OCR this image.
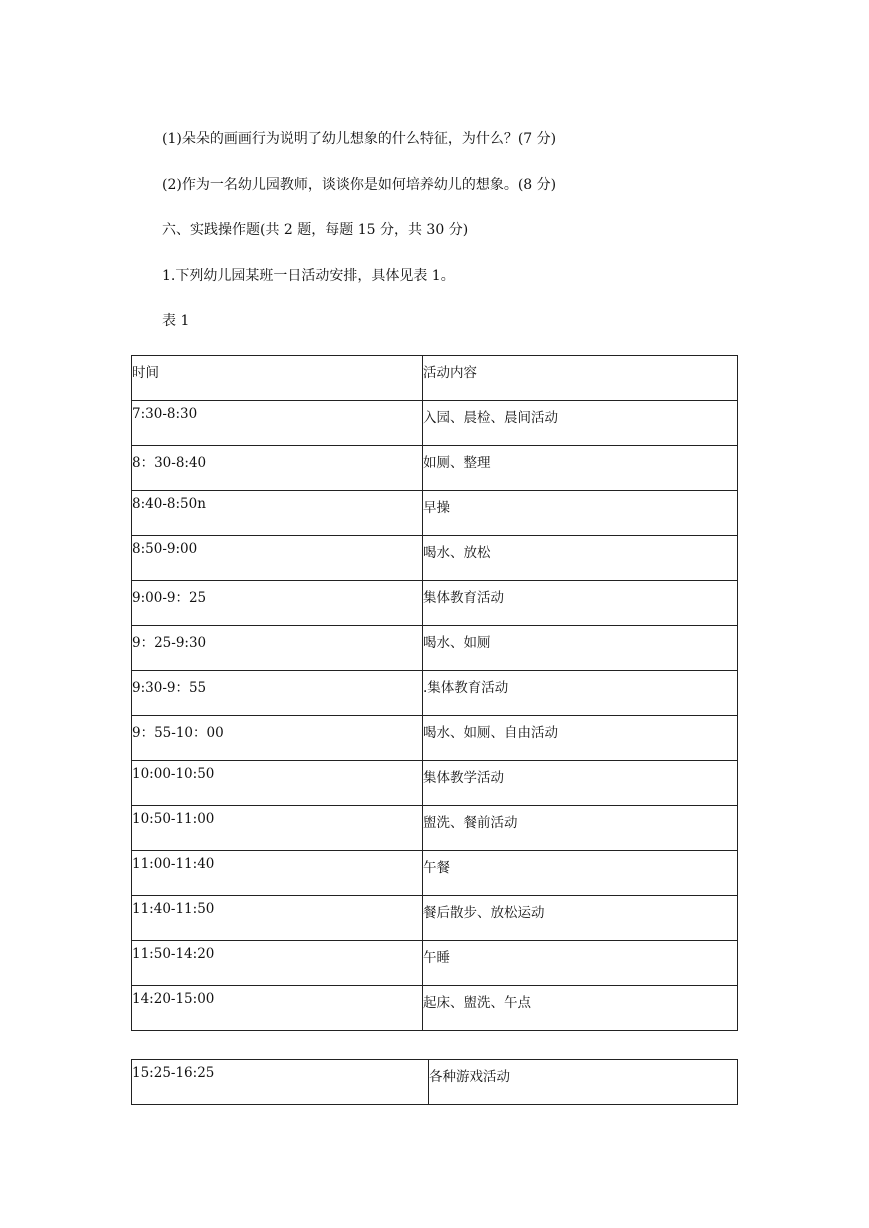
(1)朵朵的画画行为说明了幼儿想象的什么特征，为什么？(7 分)
(2)作为一名幼儿园教师，谈谈你是如何培养幼儿的想象。(8 分)
六、实践操作题(共 2 题，每题 15 分，共 30 分)
1.下列幼儿园某班一日活动安排，具体见表 1。
表 1
时间	活动内容
7:30-8:30	入园、晨检、晨间活动
8：30-8:40	如厕、整理
8:40-8:50n	早操
8:50-9:00	喝水、放松
9:00-9：25	集体教育活动
9：25-9:30	喝水、如厕
9:30-9：55	.集体教育活动
9：55-10：00	喝水、如厕、自由活动
10:00-10:50	集体教学活动
10:50-11:00	盥洗、餐前活动
11:00-11:40	午餐
11:40-11:50	餐后散步、放松运动
11:50-14:20	午睡
14:20-15:00	起床、盥洗、午点
15:25-16:25	各种游戏活动
